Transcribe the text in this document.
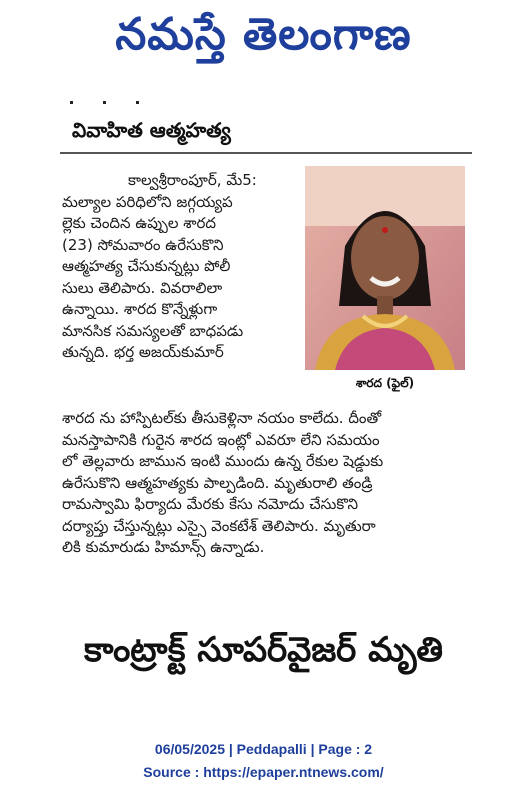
నమస్తే తెలంగాణ
వివాహిత ఆత్మహత్య
కాల్వశ్రీరాంపూర్, మే5:
మల్యాల పరిధిలోని జగ్గయ్యప
ల్లెకు చెందిన ఉప్పుల శారద
(23) సోమవారం ఉరేసుకొని
ఆత్మహత్య చేసుకున్నట్లు పోలీ
సులు తెలిపారు. వివరాలిలా
ఉన్నాయి. శారద కొన్నేళ్లుగా
మానసిక సమస్యలతో బాధపడు
తున్నది. భర్త అజయ్‌కుమార్
శారద (ఫైల్)
శారద ను హాస్పిటల్‌కు తీసుకెళ్లినా నయం కాలేదు. దీంతో
మనస్తాపానికి గురైన శారద ఇంట్లో ఎవరూ లేని సమయం
లో తెల్లవారు జామున ఇంటి ముందు ఉన్న రేకుల షెడ్డుకు
ఉరేసుకొని ఆత్మహత్యకు పాల్పడింది. మృతురాలి తండ్రి
రామస్వామి ఫిర్యాదు మేరకు కేసు నమోదు చేసుకొని
దర్యాప్తు చేస్తున్నట్లు ఎస్సై వెంకటేశ్ తెలిపారు. మృతురా
లికి కుమారుడు హిమాన్స్ ఉన్నాడు.
కాంట్రాక్ట్ సూపర్‌వైజర్ మృతి
06/05/2025 | Peddapalli | Page : 2
Source : https://epaper.ntnews.com/
